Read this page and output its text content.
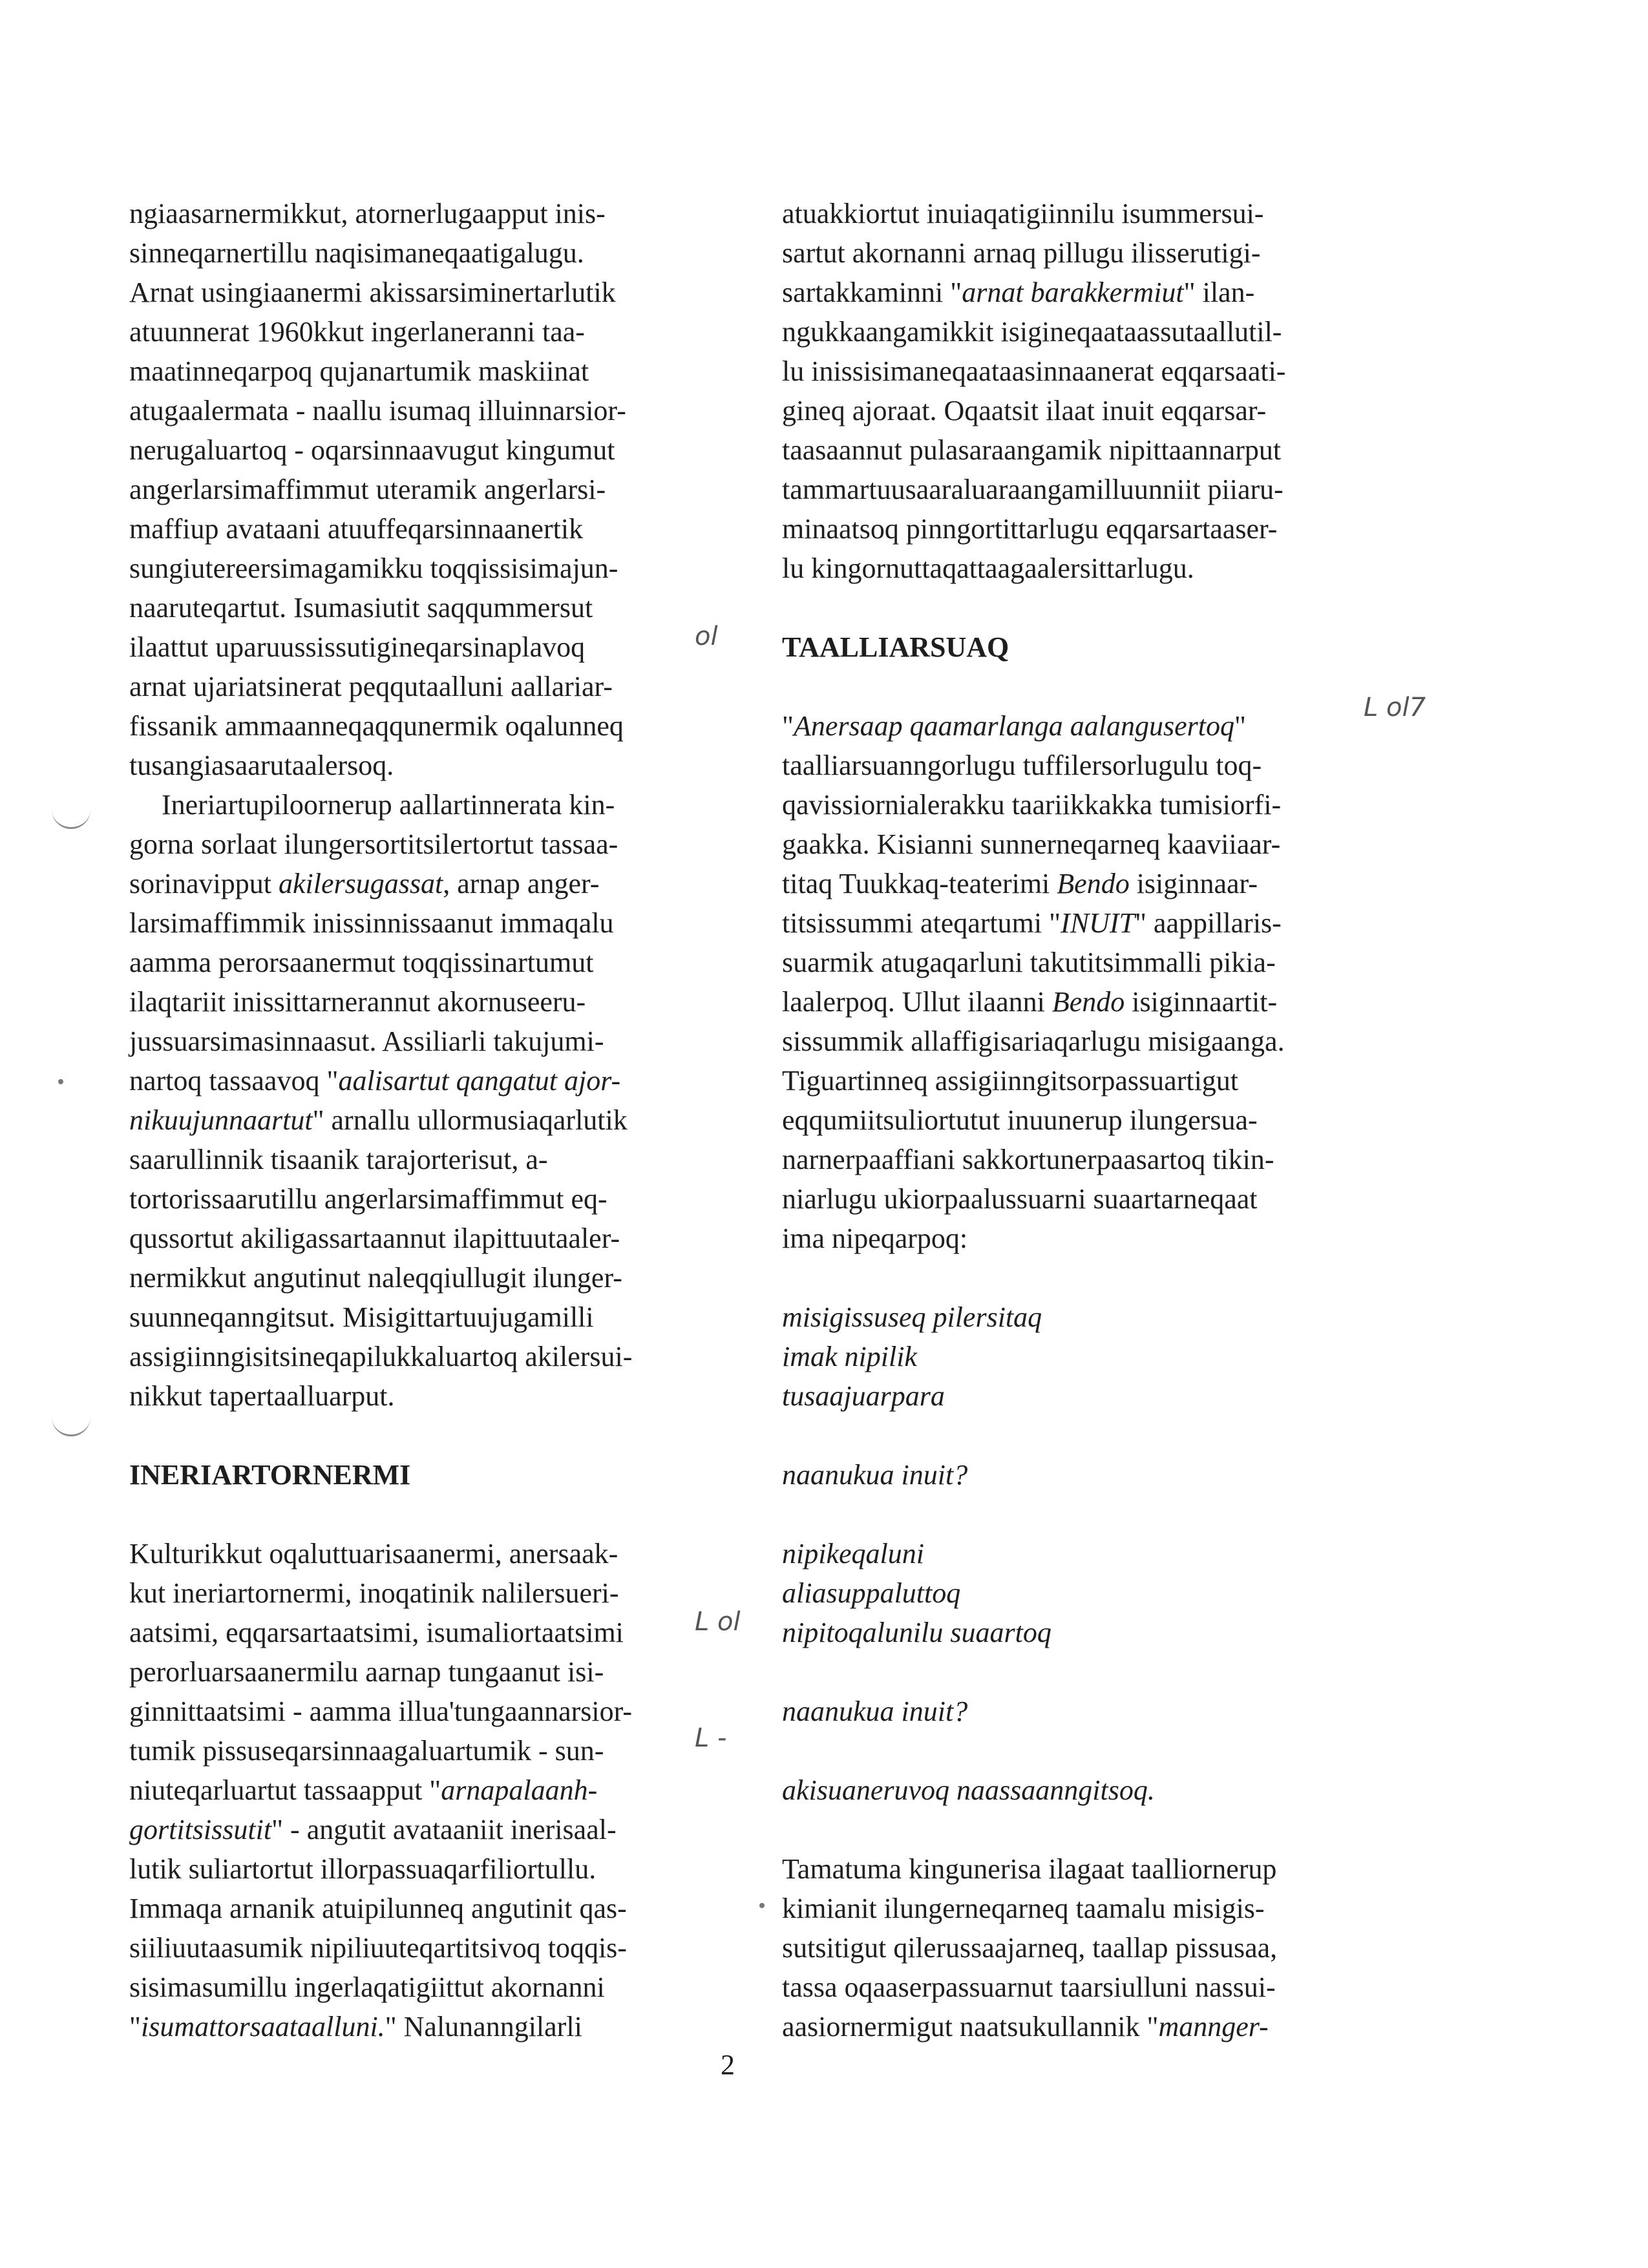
ngiaasarnermikkut, atornerlugaapput inis-
sinneqarnertillu naqisimaneqaatigalugu.
Arnat usingiaanermi akissarsiminertarlutik
atuunnerat 1960kkut ingerlaneranni taa-
maatinneqarpoq qujanartumik maskiinat
atugaalermata - naallu isumaq illuinnarsior-
nerugaluartoq - oqarsinnaavugut kingumut
angerlarsimaffimmut uteramik angerlarsi-
maffiup avataani atuuffeqarsinnaanertik
sungiutereersimagamikku toqqissisimajun-
naaruteqartut. Isumasiutit saqqummersut
ilaattut uparuussissutigineqarsinaplavoq
arnat ujariatsinerat peqqutaalluni aallariar-
fissanik ammaanneqaqqunermik oqalunneq
tusangiasaarutaalersoq.
Ineriartupiloornerup aallartinnerata kin-
gorna sorlaat ilungersortitsilertortut tassaa-
sorinavipput akilersugassat, arnap anger-
larsimaffimmik inissinnissaanut immaqalu
aamma perorsaanermut toqqissinartumut
ilaqtariit inissittarnerannut akornuseeru-
jussuarsimasinnaasut. Assiliarli takujumi-
nartoq tassaavoq "aalisartut qangatut ajor-
nikuujunnaartut" arnallu ullormusiaqarlutik
saarullinnik tisaanik tarajorterisut, a-
tortorissaarutillu angerlarsimaffimmut eq-
qussortut akiligassartaannut ilapittuutaaler-
nermikkut angutinut naleqqiullugit ilunger-
suunneqanngitsut. Misigittartuujugamilli
assigiinngisitsineqapilukkaluartoq akilersui-
nikkut tapertaalluarput.
INERIARTORNERMI
Kulturikkut oqaluttuarisaanermi, anersaak-
kut ineriartornermi, inoqatinik nalilersueri-
aatsimi, eqqarsartaatsimi, isumaliortaatsimi
perorluarsaanermilu aarnap tungaanut isi-
ginnittaatsimi - aamma illua'tungaannarsior-
tumik pissuseqarsinnaagaluartumik - sun-
niuteqarluartut tassaapput "arnapalaanh-
gortitsissutit" - angutit avataaniit inerisaal-
lutik suliartortut illorpassuaqarfiliortullu.
Immaqa arnanik atuipilunneq angutinit qas-
siiliuutaasumik nipiliuuteqartitsivoq toqqis-
sisimasumillu ingerlaqatigiittut akornanni
"isumattorsaataalluni." Nalunanngilarli
atuakkiortut inuiaqatigiinnilu isummersui-
sartut akornanni arnaq pillugu ilisserutigi-
sartakkaminni "arnat barakkermiut" ilan-
ngukkaangamikkit isigineqaataassutaallutil-
lu inissisimaneqaataasinnaanerat eqqarsaati-
gineq ajoraat. Oqaatsit ilaat inuit eqqarsar-
taasaannut pulasaraangamik nipittaannarput
tammartuusaaraluaraangamilluunniit piiaru-
minaatsoq pinngortittarlugu eqqarsartaaser-
lu kingornuttaqattaagaalersittarlugu.
TAALLIARSUAQ
"Anersaap qaamarlanga aalangusertoq"
taalliarsuanngorlugu tuffilersorlugulu toq-
qavissiornialerakku taariikkakka tumisiorfi-
gaakka. Kisianni sunnerneqarneq kaaviiaar-
titaq Tuukkaq-teaterimi Bendo isiginnaar-
titsissummi ateqartumi "INUIT" aappillaris-
suarmik atugaqarluni takutitsimmalli pikia-
laalerpoq. Ullut ilaanni Bendo isiginnaartit-
sissummik allaffigisariaqarlugu misigaanga.
Tiguartinneq assigiinngitsorpassuartigut
eqqumiitsuliortutut inuunerup ilungersua-
narnerpaaffiani sakkortunerpaasartoq tikin-
niarlugu ukiorpaalussuarni suaartarneqaat
ima nipeqarpoq:
misigissuseq pilersitaq
imak nipilik
tusaajuarpara
naanukua inuit?
nipikeqaluni
aliasuppaluttoq
nipitoqalunilu suaartoq
naanukua inuit?
akisuaneruvoq naassaanngitsoq.
Tamatuma kingunerisa ilagaat taalliornerup
kimianit ilungerneqarneq taamalu misigis-
sutsitigut qilerussaajarneq, taallap pissusaa,
tassa oqaaserpassuarnut taarsiulluni nassui-
aasiornermigut naatsukullannik "mannger-
ol
L ol
L -
L ol7
2
